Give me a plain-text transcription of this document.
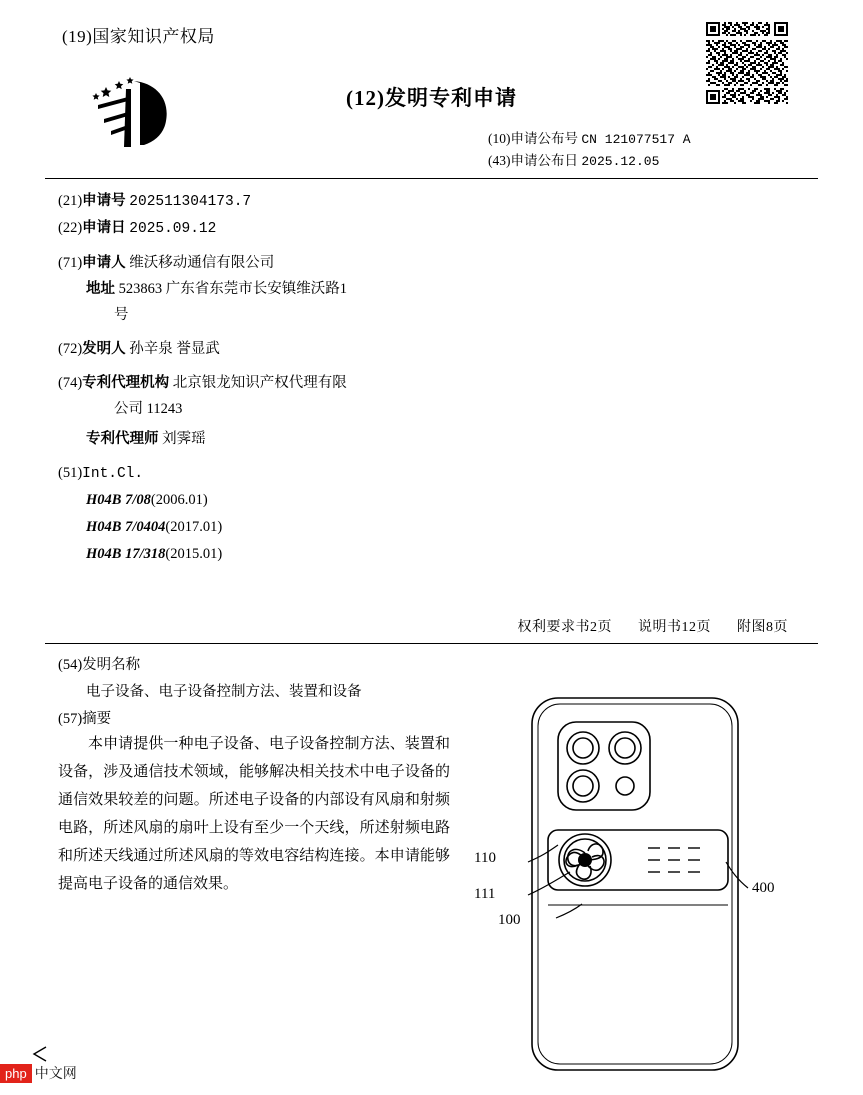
(19)国家知识产权局
(12)发明专利申请
(10)申请公布号 CN 121077517 A
(43)申请公布日 2025.12.05
(21)申请号 202511304173.7
(22)申请日 2025.09.12
(71)申请人 维沃移动通信有限公司
地址 523863 广东省东莞市长安镇维沃路1
号
(72)发明人 孙辛泉 誉显武
(74)专利代理机构 北京银龙知识产权代理有限
公司 11243
专利代理师 刘霁瑶
(51)Int.Cl.
H04B 7/08(2006.01)
H04B 7/0404(2017.01)
H04B 17/318(2015.01)
权利要求书2页 说明书12页 附图8页
(54)发明名称
电子设备、电子设备控制方法、装置和设备
(57)摘要

本申请提供一种电子设备、电子设备控制方法、装置和设备，涉及通信技术领域，能够解决相关技术中电子设备的通信效果较差的问题。所述电子设备的内部设有风扇和射频电路，所述风扇的扇叶上设有至少一个天线，所述射频电路和所述天线通过所述风扇的等效电容结构连接。本申请能够提高电子设备的通信效果。

110
111
100
400
php 中文网
